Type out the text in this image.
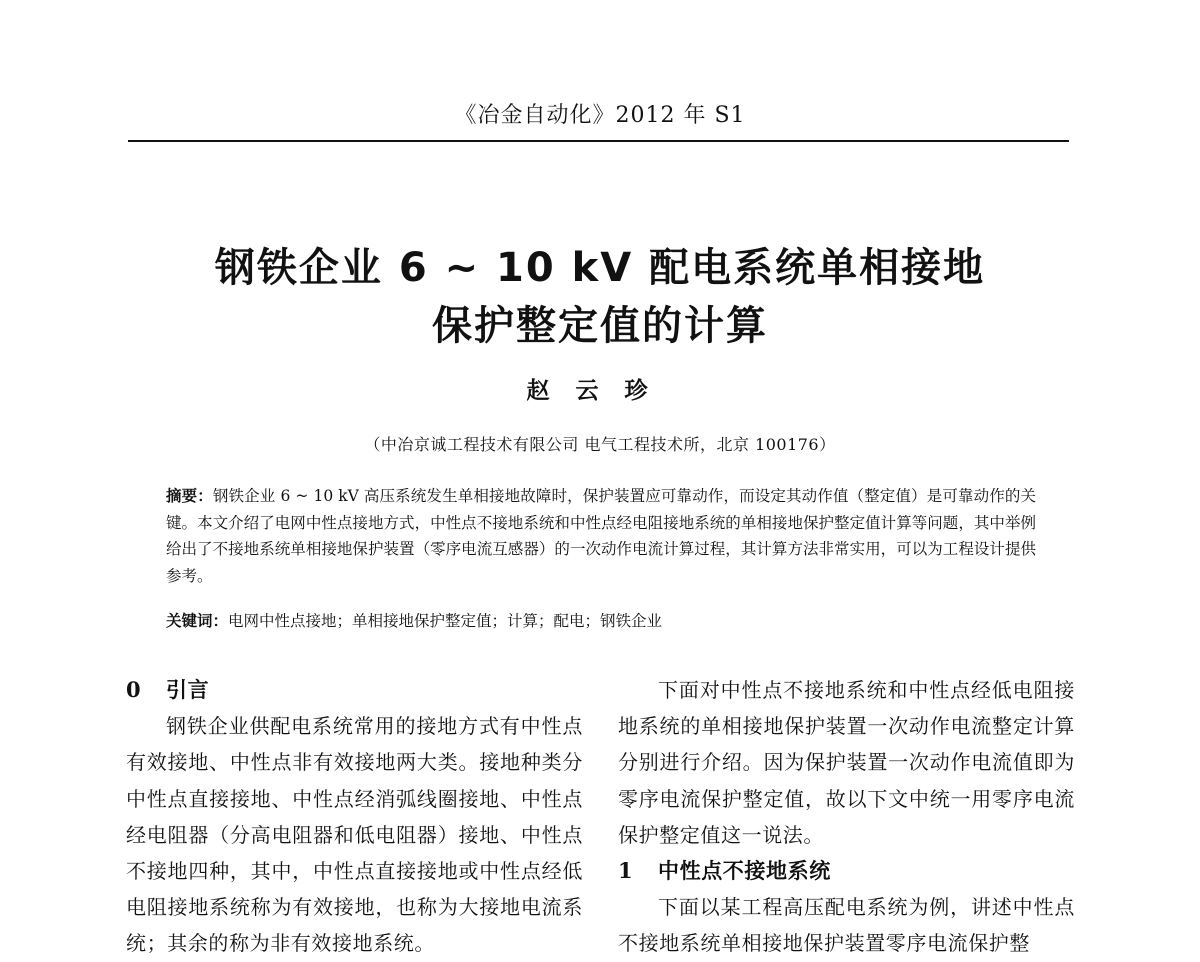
《冶金自动化》2012 年 S1
钢铁企业 6 ~ 10 kV 配电系统单相接地
保护整定值的计算
赵云珍
（中冶京诚工程技术有限公司 电气工程技术所，北京 100176）
摘要：钢铁企业 6 ~ 10 kV 高压系统发生单相接地故障时，保护装置应可靠动作，而设定其动作值（整定值）是可靠动作的关键。本文介绍了电网中性点接地方式，中性点不接地系统和中性点经电阻接地系统的单相接地保护整定值计算等问题，其中举例给出了不接地系统单相接地保护装置（零序电流互感器）的一次动作电流计算过程，其计算方法非常实用，可以为工程设计提供参考。
关键词：电网中性点接地；单相接地保护整定值；计算；配电；钢铁企业
0 引言

钢铁企业供配电系统常用的接地方式有中性点有效接地、中性点非有效接地两大类。接地种类分中性点直接接地、中性点经消弧线圈接地、中性点经电阻器（分高电阻器和低电阻器）接地、中性点不接地四种，其中，中性点直接接地或中性点经低电阻接地系统称为有效接地，也称为大接地电流系统；其余的称为非有效接地系统。

下面对中性点不接地系统和中性点经低电阻接地系统的单相接地保护装置一次动作电流整定计算分别进行介绍。因为保护装置一次动作电流值即为零序电流保护整定值，故以下文中统一用零序电流保护整定值这一说法。

1 中性点不接地系统

下面以某工程高压配电系统为例，讲述中性点不接地系统单相接地保护装置零序电流保护整
